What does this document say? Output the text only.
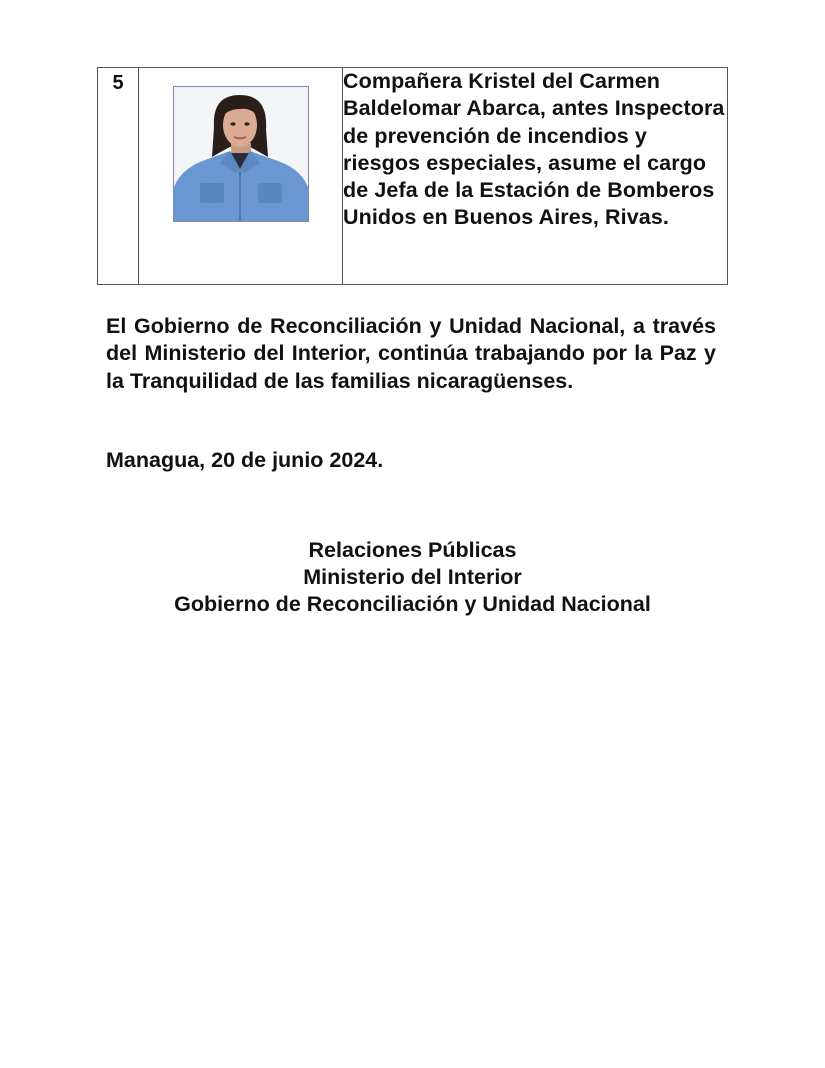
5		Compañera Kristel del Carmen Baldelomar Abarca, antes Inspectora de prevención de incendios y riesgos especiales, asume el cargo de Jefa de la Estación de Bomberos Unidos en Buenos Aires, Rivas.

El Gobierno de Reconciliación y Unidad Nacional, a través del Ministerio del Interior, continúa trabajando por la Paz y la Tranquilidad de las familias nicaragüenses.

Managua, 20 de junio 2024.

Relaciones Públicas
Ministerio del Interior
Gobierno de Reconciliación y Unidad Nacional
